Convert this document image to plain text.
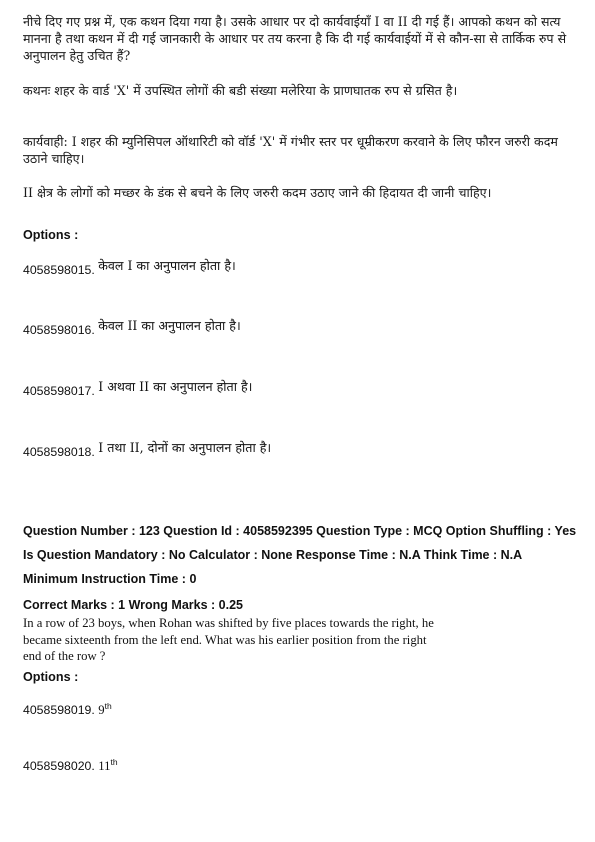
नीचे दिए गए प्रश्न में, एक कथन दिया गया है। उसके आधार पर दो कार्यवाईयाँ I वा II दी गई हैं। आपको कथन को सत्य मानना है तथा कथन में दी गई जानकारी के आधार पर तय करना है कि दी गई कार्यवाईयों में से कौन-सा से तार्किक रुप से अनुपालन हेतु उचित हैं?

कथनः शहर के वार्ड 'X' में उपस्थित लोगों की बडी संख्या मलेरिया के प्राणघातक रुप से ग्रसित है।

कार्यवाही: I शहर की म्युनिसिपल ऑथारिटी को वॉर्ड 'X' में गंभीर स्तर पर धूम्रीकरण करवाने के लिए फौरन जरुरी कदम उठाने चाहिए।

II क्षेत्र के लोगों को मच्छर के डंक से बचने के लिए जरुरी कदम उठाए जाने की हिदायत दी जानी चाहिए।

Options :
4058598015. केवल I का अनुपालन होता है।
4058598016. केवल II का अनुपालन होता है।
4058598017. I अथवा II का अनुपालन होता है।
4058598018. I तथा II, दोनों का अनुपालन होता है।
Question Number : 123 Question Id : 4058592395 Question Type : MCQ Option Shuffling : Yes
Is Question Mandatory : No Calculator : None Response Time : N.A Think Time : N.A
Minimum Instruction Time : 0
Correct Marks : 1 Wrong Marks : 0.25

In a row of 23 boys, when Rohan was shifted by five places towards the right, he

became sixteenth from the left end. What was his earlier position from the right

end of the row ?

Options :
4058598019. 9th
4058598020. 11th
